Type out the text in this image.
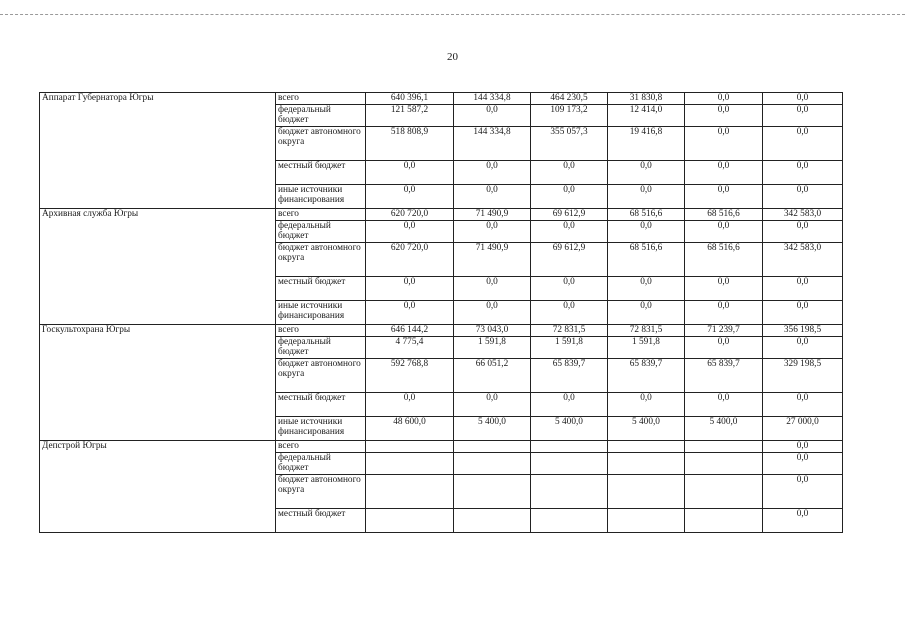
20
Аппарат Губернатора Югры	всего	640 396,1	144 334,8	464 230,5	31 830,8	0,0	0,0
	федеральный бюджет	121 587,2	0,0	109 173,2	12 414,0	0,0	0,0
	бюджет автономного округа	518 808,9	144 334,8	355 057,3	19 416,8	0,0	0,0
	местный бюджет	0,0	0,0	0,0	0,0	0,0	0,0
	иные источники финансирования	0,0	0,0	0,0	0,0	0,0	0,0
Архивная служба Югры	всего	620 720,0	71 490,9	69 612,9	68 516,6	68 516,6	342 583,0
	федеральный бюджет	0,0	0,0	0,0	0,0	0,0	0,0
	бюджет автономного округа	620 720,0	71 490,9	69 612,9	68 516,6	68 516,6	342 583,0
	местный бюджет	0,0	0,0	0,0	0,0	0,0	0,0
	иные источники финансирования	0,0	0,0	0,0	0,0	0,0	0,0
Госкультохрана Югры	всего	646 144,2	73 043,0	72 831,5	72 831,5	71 239,7	356 198,5
	федеральный бюджет	4 775,4	1 591,8	1 591,8	1 591,8	0,0	0,0
	бюджет автономного округа	592 768,8	66 051,2	65 839,7	65 839,7	65 839,7	329 198,5
	местный бюджет	0,0	0,0	0,0	0,0	0,0	0,0
	иные источники финансирования	48 600,0	5 400,0	5 400,0	5 400,0	5 400,0	27 000,0
Депстрой Югры	всего						0,0
	федеральный бюджет						0,0
	бюджет автономного округа						0,0
	местный бюджет						0,0
